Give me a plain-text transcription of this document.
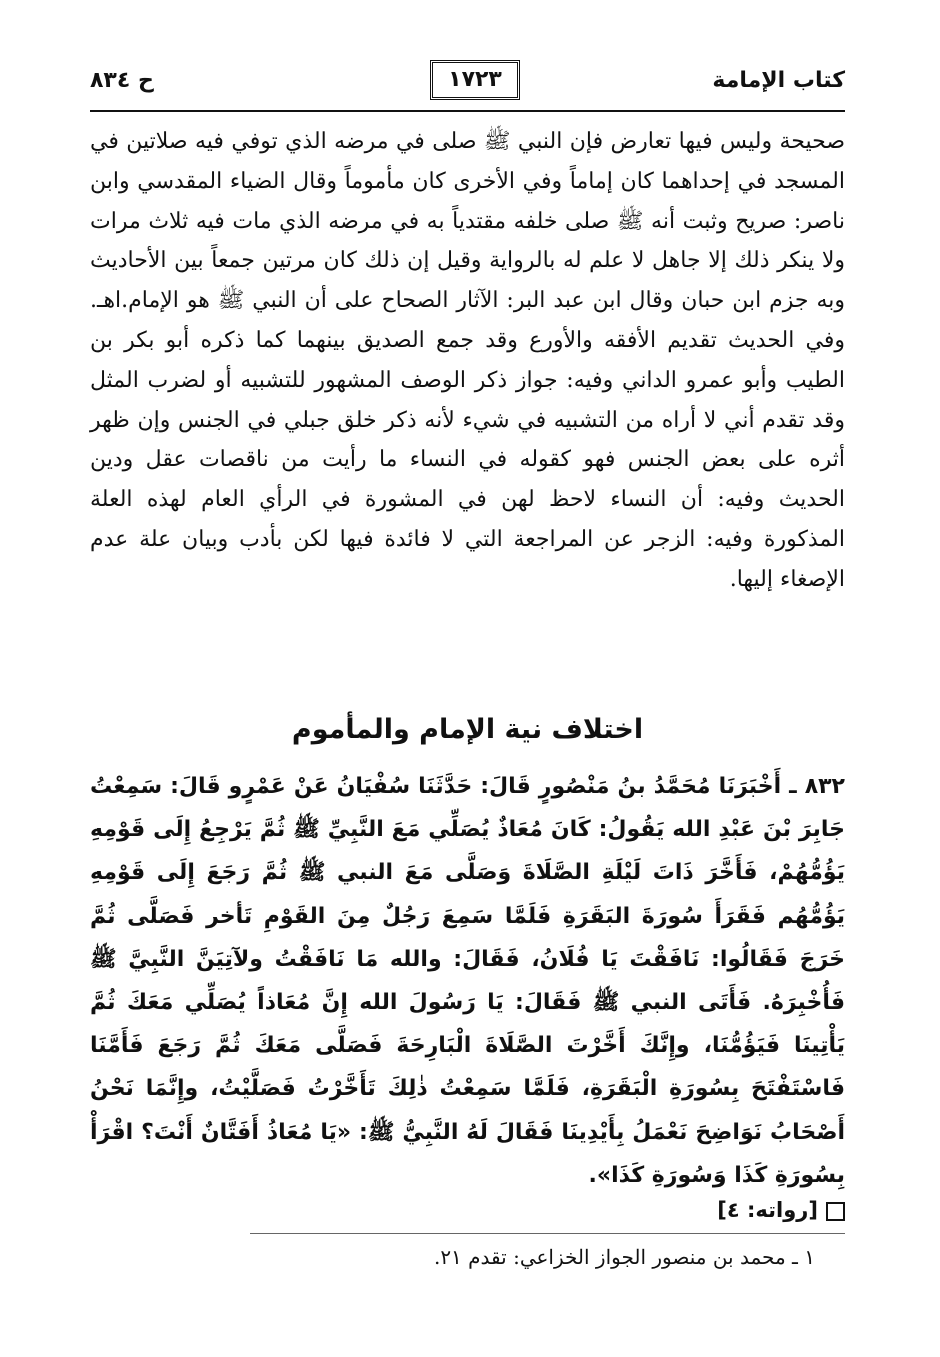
كتاب الإمامة
١٧٢٣
ح ٨٣٤
صحيحة وليس فيها تعارض فإن النبي ﷺ صلى في مرضه الذي توفي فيه صلاتين في المسجد في إحداهما كان إماماً وفي الأخرى كان مأموماً وقال الضياء المقدسي وابن ناصر: صريح وثبت أنه ﷺ صلى خلفه مقتدياً به في مرضه الذي مات فيه ثلاث مرات ولا ينكر ذلك إلا جاهل لا علم له بالرواية وقيل إن ذلك كان مرتين جمعاً بين الأحاديث وبه جزم ابن حبان وقال ابن عبد البر: الآثار الصحاح على أن النبي ﷺ هو الإمام.اهـ. وفي الحديث تقديم الأفقه والأورع وقد جمع الصديق بينهما كما ذكره أبو بكر بن الطيب وأبو عمرو الداني وفيه: جواز ذكر الوصف المشهور للتشبيه أو لضرب المثل وقد تقدم أني لا أراه من التشبيه في شيء لأنه ذكر خلق جبلي في الجنس وإن ظهر أثره على بعض الجنس فهو كقوله في النساء ما رأيت من ناقصات عقل ودين الحديث وفيه: أن النساء لاحظ لهن في المشورة في الرأي العام لهذه العلة المذكورة وفيه: الزجر عن المراجعة التي لا فائدة فيها لكن بأدب وبيان علة عدم الإصغاء إليها.
اختلاف نية الإمام والمأموم
٨٣٢ ـ أَخْبَرَنَا مُحَمَّدُ بنُ مَنْصُورٍ قَالَ: حَدَّثَنَا سُفْيَانُ عَنْ عَمْرٍو قَالَ: سَمِعْتُ جَابِرَ بْنَ عَبْدِ الله يَقُولُ: كَانَ مُعَاذٌ يُصَلِّي مَعَ النَّبِيِّ ﷺ ثُمَّ يَرْجِعُ إِلَى قَوْمِهِ يَؤُمُّهُمْ، فَأَخَّرَ ذَاتَ لَيْلَةِ الصَّلَاةَ وَصَلَّى مَعَ النبي ﷺ ثُمَّ رَجَعَ إِلَى قَوْمِهِ يَؤُمُّهُم فَقَرَأَ سُورَةَ البَقَرَةِ فَلَمَّا سَمِعَ رَجُلٌ مِنَ القَوْمِ تَأخر فَصَلَّى ثُمَّ خَرَجَ فَقَالُوا: نَافَقْتَ يَا فُلَانُ، فَقَالَ: والله مَا نَافَقْتُ ولآتِيَنَّ النَّبِيَّ ﷺ فَأُخْبِرَهُ. فَأَتَى النبي ﷺ فَقَالَ: يَا رَسُولَ الله إِنَّ مُعَاذاً يُصَلِّي مَعَكَ ثُمَّ يَأْتِينَا فَيَؤُمُّنَا، وإِنَّكَ أَخَّرْتَ الصَّلَاةَ الْبَارِحَةَ فَصَلَّى مَعَكَ ثُمَّ رَجَعَ فَأَمَّنَا فَاسْتَفْتَحَ بِسُورَةِ الْبَقَرَةِ، فَلَمَّا سَمِعْتُ ذٰلِكَ تَأَخَّرْتُ فَصَلَّيْتُ، وإِنَّمَا نَحْنُ أَصْحَابُ نَوَاضِحَ نَعْمَلُ بِأَيْدِينَا فَقَالَ لَهُ النَّبِيُّ ﷺ: «يَا مُعَاذُ أَفَتَّانٌ أَنْتَ؟ اقْرَأْ بِسُورَةِ كَذَا وَسُورَةِ كَذَا».
[رواته: ٤]
١ ـ محمد بن منصور الجواز الخزاعي: تقدم ٢١.
